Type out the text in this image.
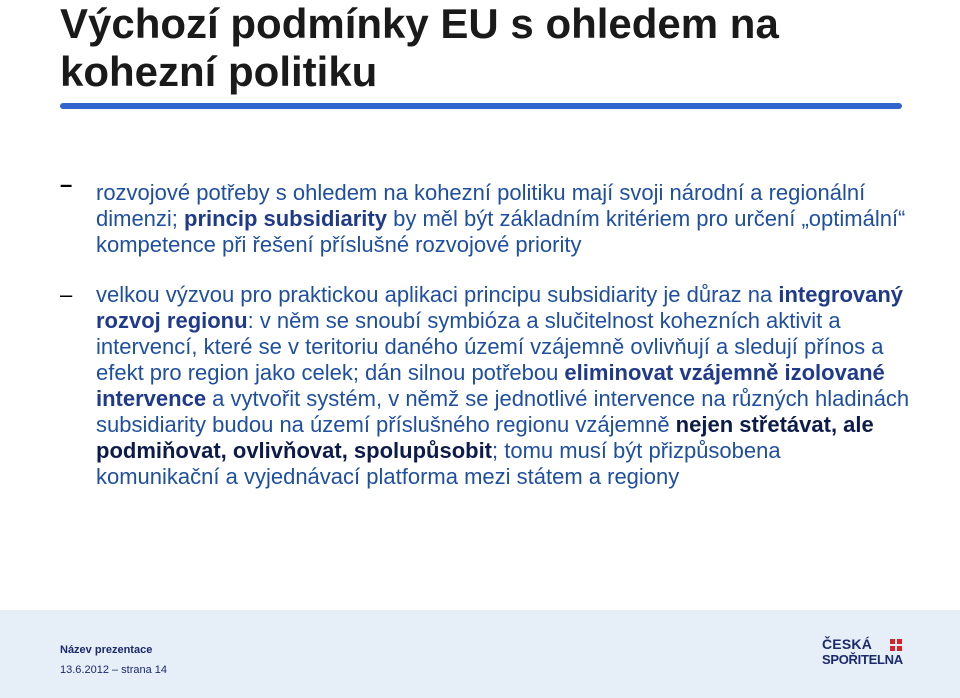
Výchozí podmínky EU s ohledem na kohezní politiku
–	rozvojové potřeby s ohledem na kohezní politiku mají svoji národní a regionální dimenzi; princip subsidiarity by měl být základním kritériem pro určení „optimální“ kompetence při řešení příslušné rozvojové priority

–	velkou výzvou pro praktickou aplikaci principu subsidiarity je důraz na integrovaný rozvoj regionu: v něm se snoubí symbióza a slučitelnost kohezních aktivit a intervencí, které se v teritoriu daného území vzájemně ovlivňují a sledují přínos a efekt pro region jako celek; dán silnou potřebou eliminovat vzájemně izolované intervence a vytvořit systém, v němž se jednotlivé intervence na různých hladinách subsidiarity budou na území příslušného regionu vzájemně nejen střetávat, ale podmiňovat, ovlivňovat, spolupůsobit; tomu musí být přizpůsobena komunikační a vyjednávací platforma mezi státem a regiony

Název prezentace
13.6.2012 – strana 14
ČESKÁ
SPOŘITELNA
